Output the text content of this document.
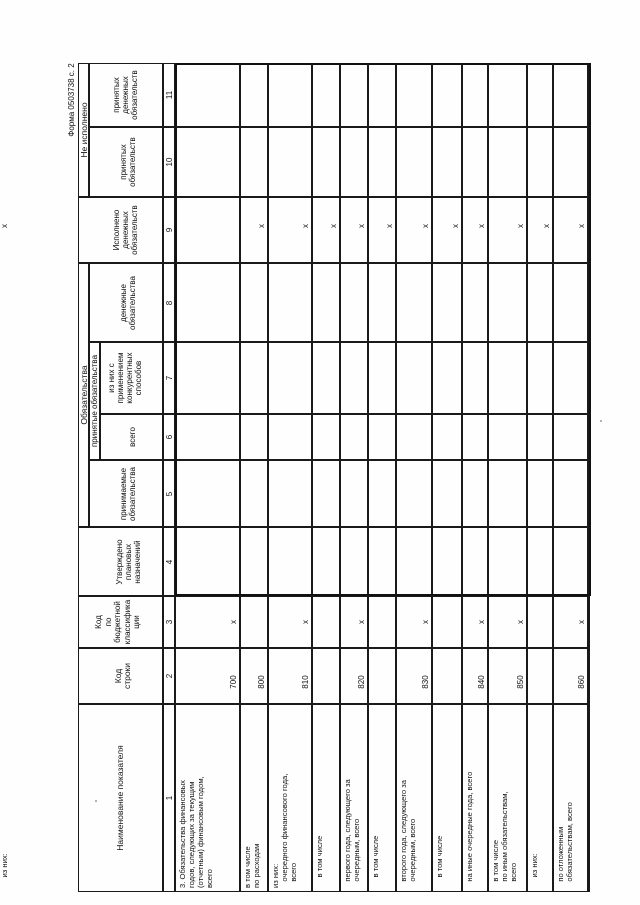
Форма 0503738 с. 2
Наименование показателя
Код
строки
Код
по
бюджетной
классифика
ции
Утверждено
плановых
назначений
Обязательства
принимаемые
обязательства
принятые обязательства	всего
из них с
применением
конкурентных
способов
денежные
обязательства
Исполнено
денежных
обязательств
Не исполнено
принятых
обязательств
принятых
денежных
обязательств
1
2
3
4
5
6
7
8
9
10
11
3. Обязательства финансовых
годов, следующих за текущим
(отчетным) финансовым годом,
всего
700
x
в том числе
по расходам
800
x
из них:
очередного финансового года,
всего
810
x
x
в том числе
x
первого года, следующего за
очередным, всего
820
x
x
в том числе
x
второго года, следующего за
очередным, всего
830
x
x
в том числе
x
на иные очередные года, всего
840
x
x
в том числе
по иным обязательствам,
всего
850
x
x
из них:
x
по отложенным
обязательствам, всего
860
x
x
из них:
x
